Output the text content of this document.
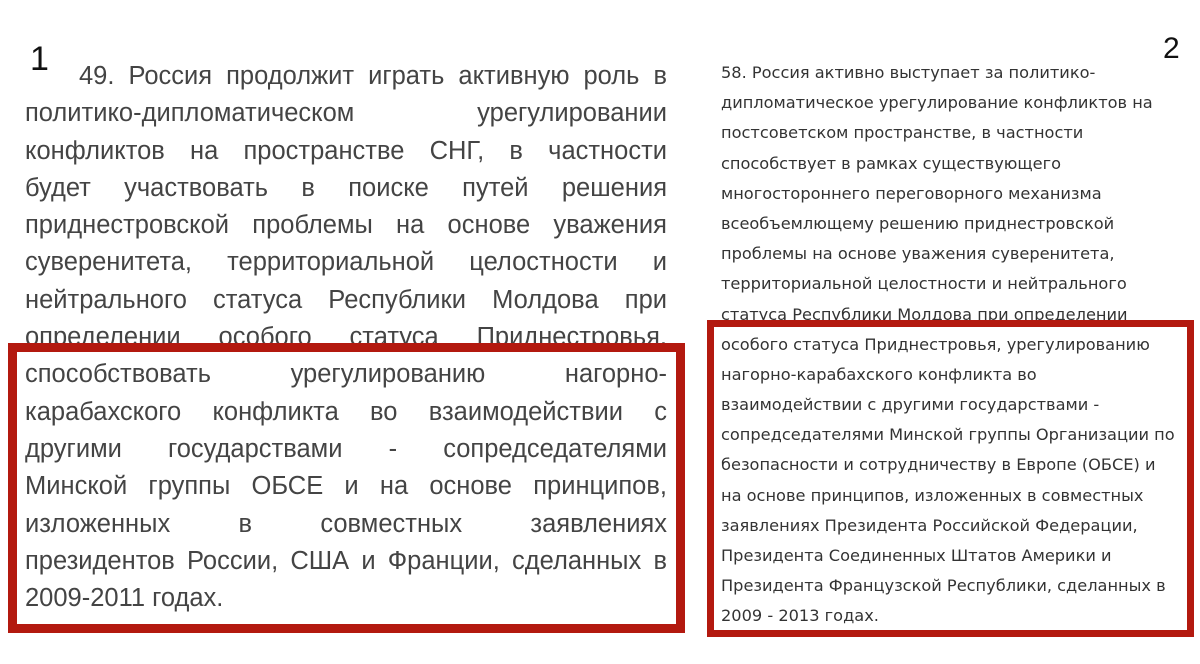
1	2
49. Россия продолжит играть активную роль в
политико-дипломатическом урегулировании
конфликтов на пространстве СНГ, в частности
будет участвовать в поиске путей решения
приднестровской проблемы на основе уважения
суверенитета, территориальной целостности и
нейтрального статуса Республики Молдова при
определении особого статуса Приднестровья,
способствовать урегулированию нагорно-
карабахского конфликта во взаимодействии с
другими государствами - сопредседателями
Минской группы ОБСЕ и на основе принципов,
изложенных в совместных заявлениях
президентов России, США и Франции, сделанных в
2009-2011 годах.
58. Россия активно выступает за политико-
дипломатическое урегулирование конфликтов на
постсоветском пространстве, в частности
способствует в рамках существующего
многостороннего переговорного механизма
всеобъемлющему решению приднестровской
проблемы на основе уважения суверенитета,
территориальной целостности и нейтрального
статуса Республики Молдова при определении
особого статуса Приднестровья, урегулированию
нагорно-карабахского конфликта во
взаимодействии с другими государствами -
сопредседателями Минской группы Организации по
безопасности и сотрудничеству в Европе (ОБСЕ) и
на основе принципов, изложенных в совместных
заявлениях Президента Российской Федерации,
Президента Соединенных Штатов Америки и
Президента Французской Республики, сделанных в
2009 - 2013 годах.
